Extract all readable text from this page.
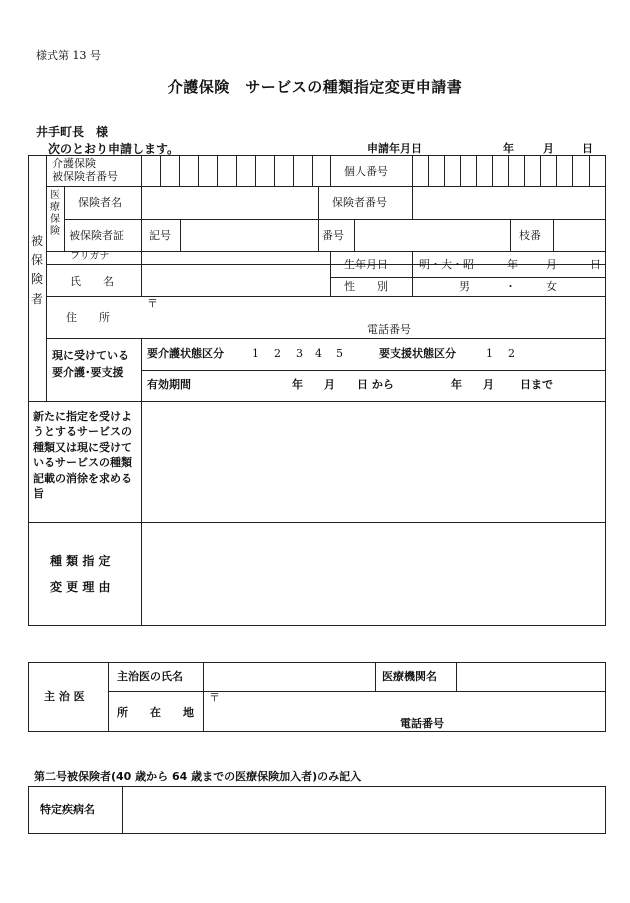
様式第 13 号
介護保険　サービスの種類指定変更申請書
井手町長　様
次のとおり申請します。	申請年月日	年	月	日
被保険者
介護保険
被保険者番号	個人番号
医療保険
保険者名	保険者番号
被保険者証 記号	番号	枝番
フリガナ
氏　　名
生年月日	明・大・昭	年	月	日
性　　別	男	・	女
住　　所
〒
電話番号
現に受けている要介護･要支援
要介護状態区分	1 2 3 4 5	要支援状態区分	1 2
有効期間	年 月 日 から	年 月 日まで
新たに指定を受けようとするサービスの種類又は現に受けているサービスの種類記載の消徐を求める旨
種 類 指 定
変 更 理 由
主 治 医
主治医の氏名	医療機関名
所　　在　　地
〒
電話番号
第二号被保険者(40 歳から 64 歳までの医療保険加入者)のみ記入
特定疾病名
